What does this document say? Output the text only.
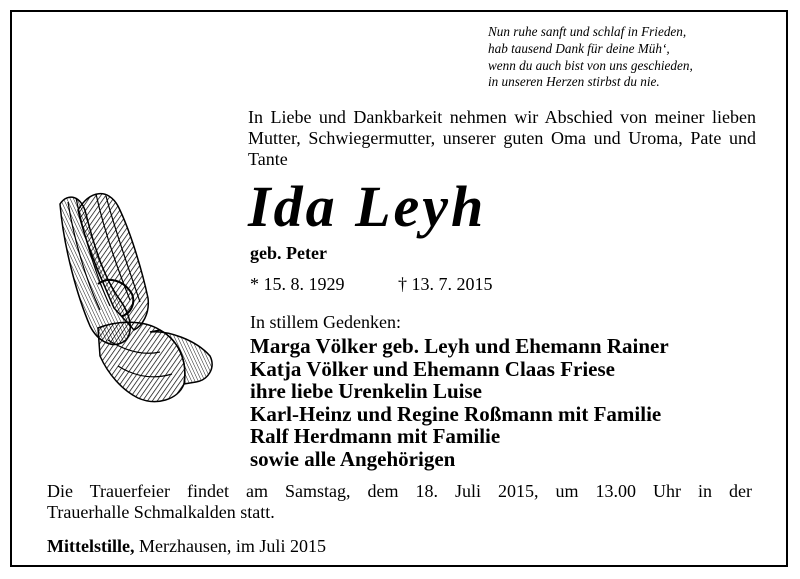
Nun ruhe sanft und schlaf in Frieden,
hab tausend Dank für deine Müh‘,
wenn du auch bist von uns geschieden,
in unseren Herzen stirbst du nie.
In Liebe und Dankbarkeit nehmen wir Abschied von meiner lieben Mutter, Schwiegermutter, unserer guten Oma und Uroma, Pate und Tante
Ida Leyh
geb. Peter
* 15. 8. 1929	† 13. 7. 2015
In stillem Gedenken:
Marga Völker geb. Leyh und Ehemann Rainer
Katja Völker und Ehemann Claas Friese
ihre liebe Urenkelin Luise
Karl-Heinz und Regine Roßmann mit Familie
Ralf Herdmann mit Familie
sowie alle Angehörigen
Die Trauerfeier findet am Samstag, dem 18. Juli 2015, um 13.00 Uhr in der
Trauerhalle Schmalkalden statt.
Mittelstille, Merzhausen, im Juli 2015
